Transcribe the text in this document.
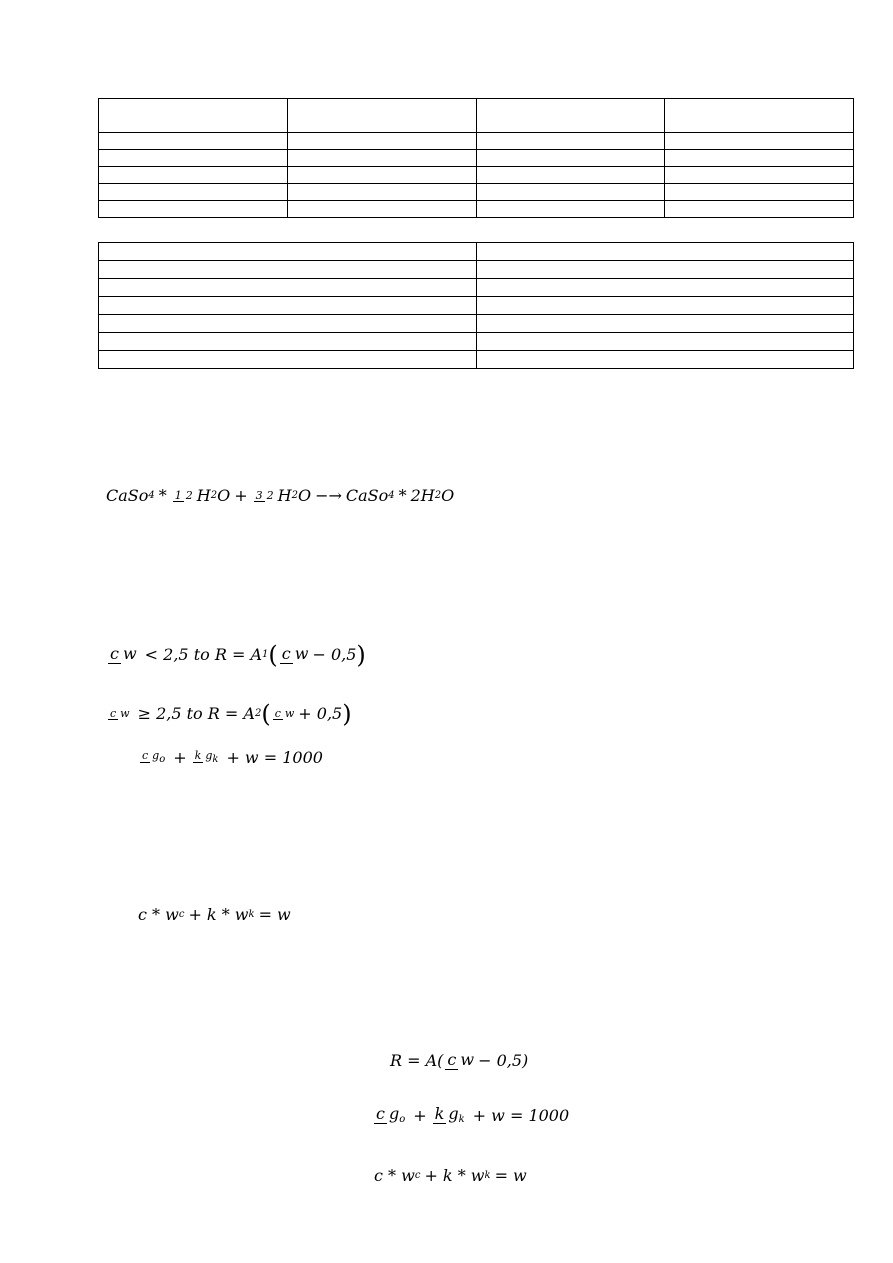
CaSo 4 * 1 2 H 2 O + 3 2 H 2 O −→ CaSo 4 * 2H 2 O
c w < 2,5 to R = A 1 ( c w − 0,5 )
c w ≥ 2,5 to R = A 2 ( c w + 0,5 )
c $g_o + k$ $g_k + w = 1000$
c * w c + k * w k = w
R = A( c w − 0,5)
c $g_o + k$ $g_k + w = 1000$
c * w c + k * w k = w
